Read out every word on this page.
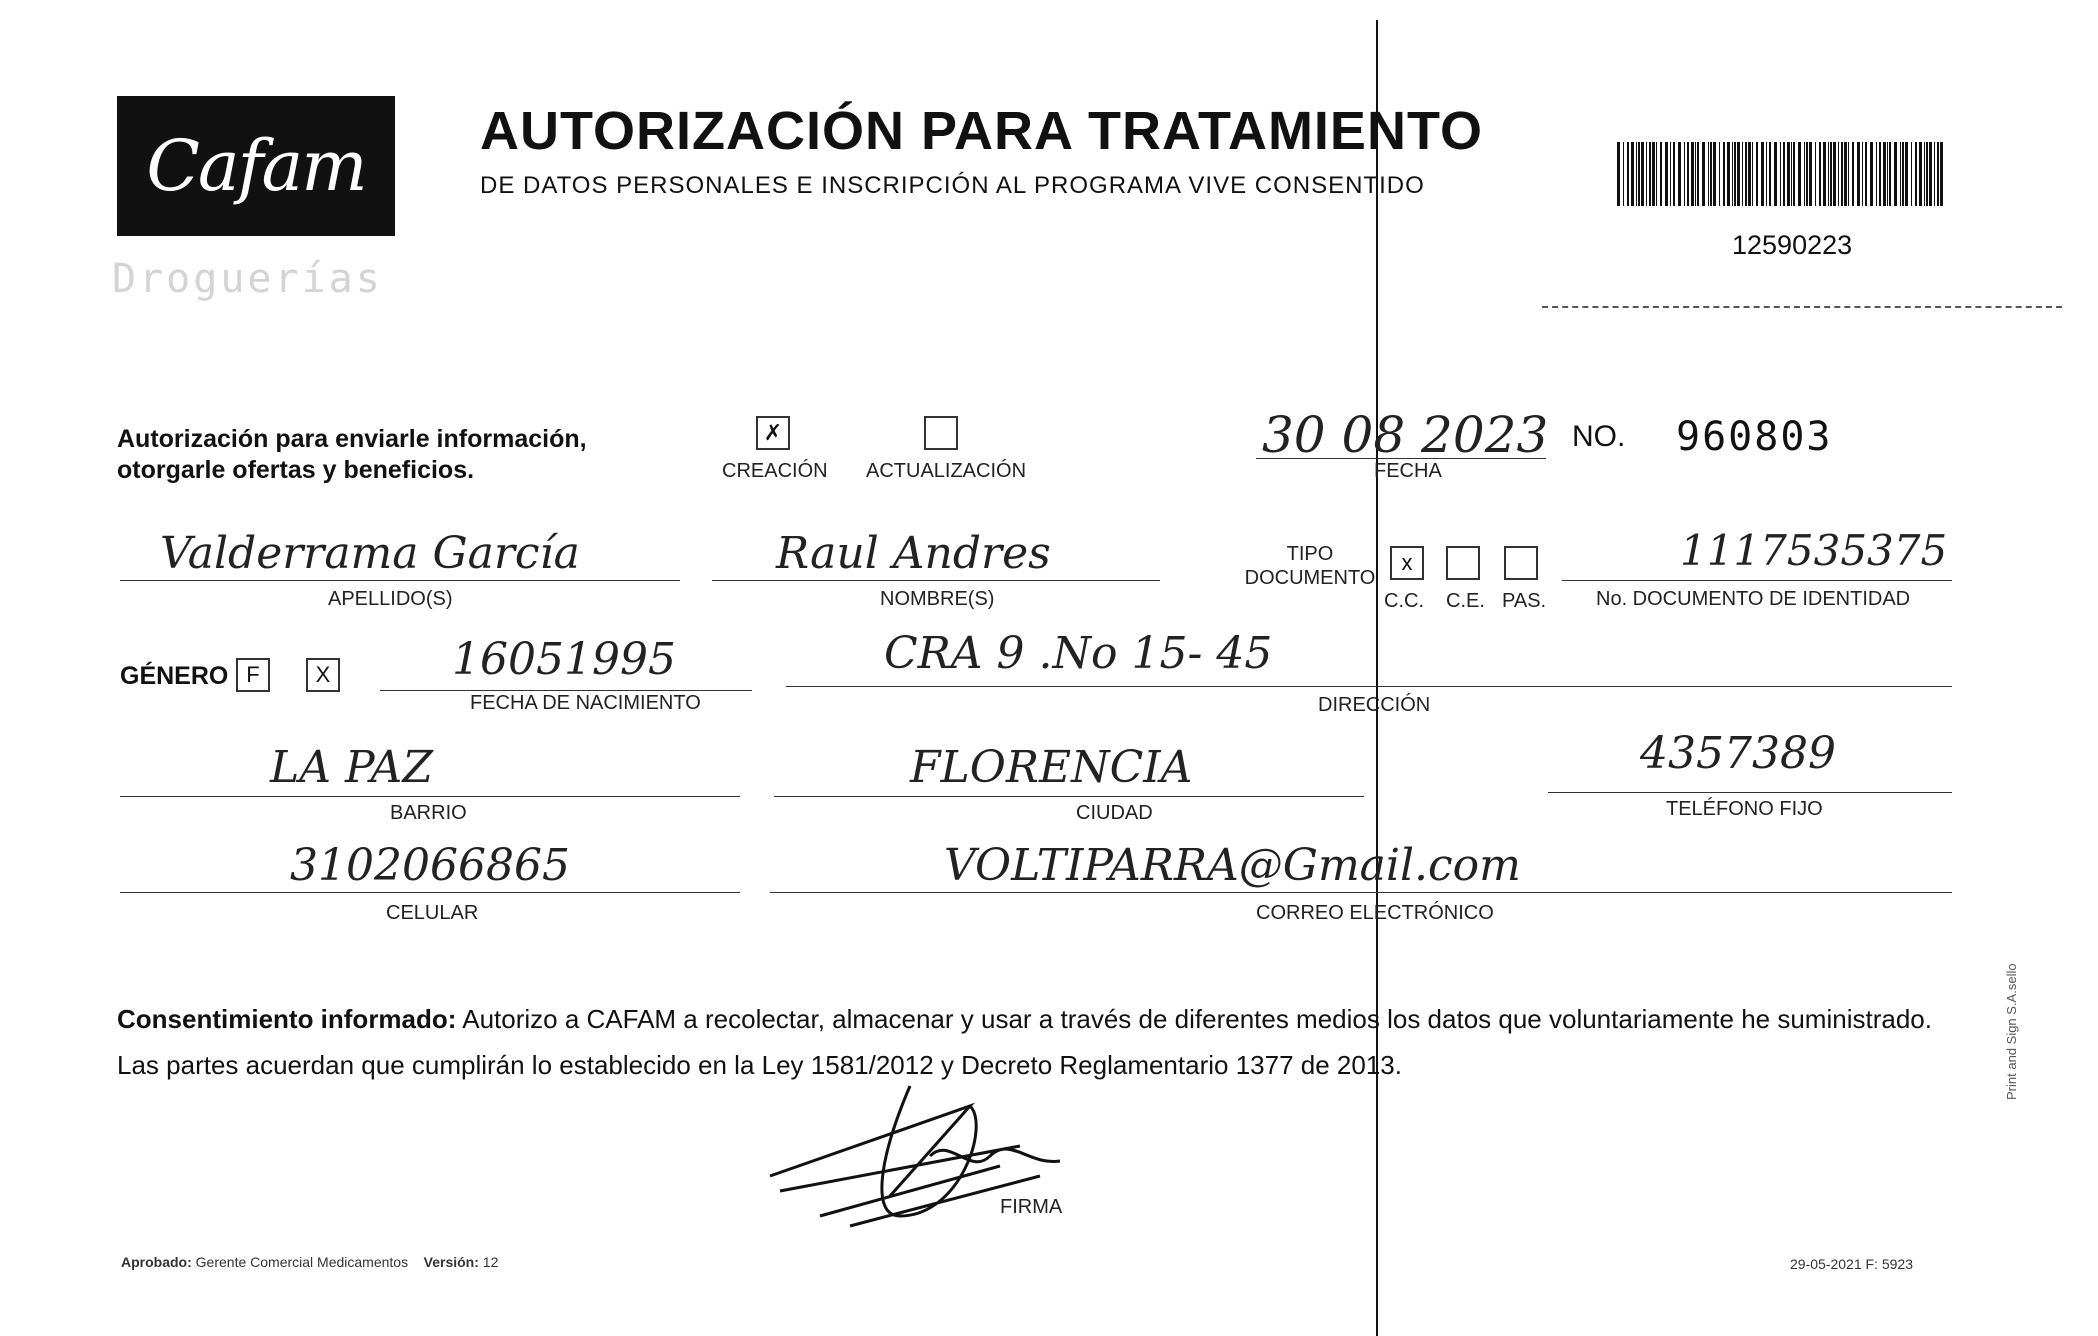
Cafam
Droguerías
AUTORIZACIÓN PARA TRATAMIENTO
DE DATOS PERSONALES E INSCRIPCIÓN AL PROGRAMA VIVE CONSENTIDO
12590223
Autorización para enviarle información,
otorgarle ofertas y beneficios.
✗
CREACIÓN ACTUALIZACIÓN
30 08 2023
FECHA
NO. 960803
Valderrama García
APELLIDO(S)
Raul Andres
NOMBRE(S)
TIPO
DOCUMENTO
x
C.C. C.E. PAS.
1117535375
No. DOCUMENTO DE IDENTIDAD
GÉNERO F	X	16051995
FECHA DE NACIMIENTO
CRA 9 .No 15- 45
DIRECCIÓN
LA PAZ
BARRIO
FLORENCIA
CIUDAD
4357389
TELÉFONO FIJO
3102066865
CELULAR
VOLTIPARRA@Gmail.com
CORREO ELECTRÓNICO
Consentimiento informado: Autorizo a CAFAM a recolectar, almacenar y usar a través de diferentes medios los datos que voluntariamente he suministrado. Las partes acuerdan que cumplirán lo establecido en la Ley 1581/2012 y Decreto Reglamentario 1377 de 2013.
FIRMA
Aprobado: Gerente Comercial Medicamentos Versión: 12	29-05-2021 F: 5923
Print and Sign S.A.sello
